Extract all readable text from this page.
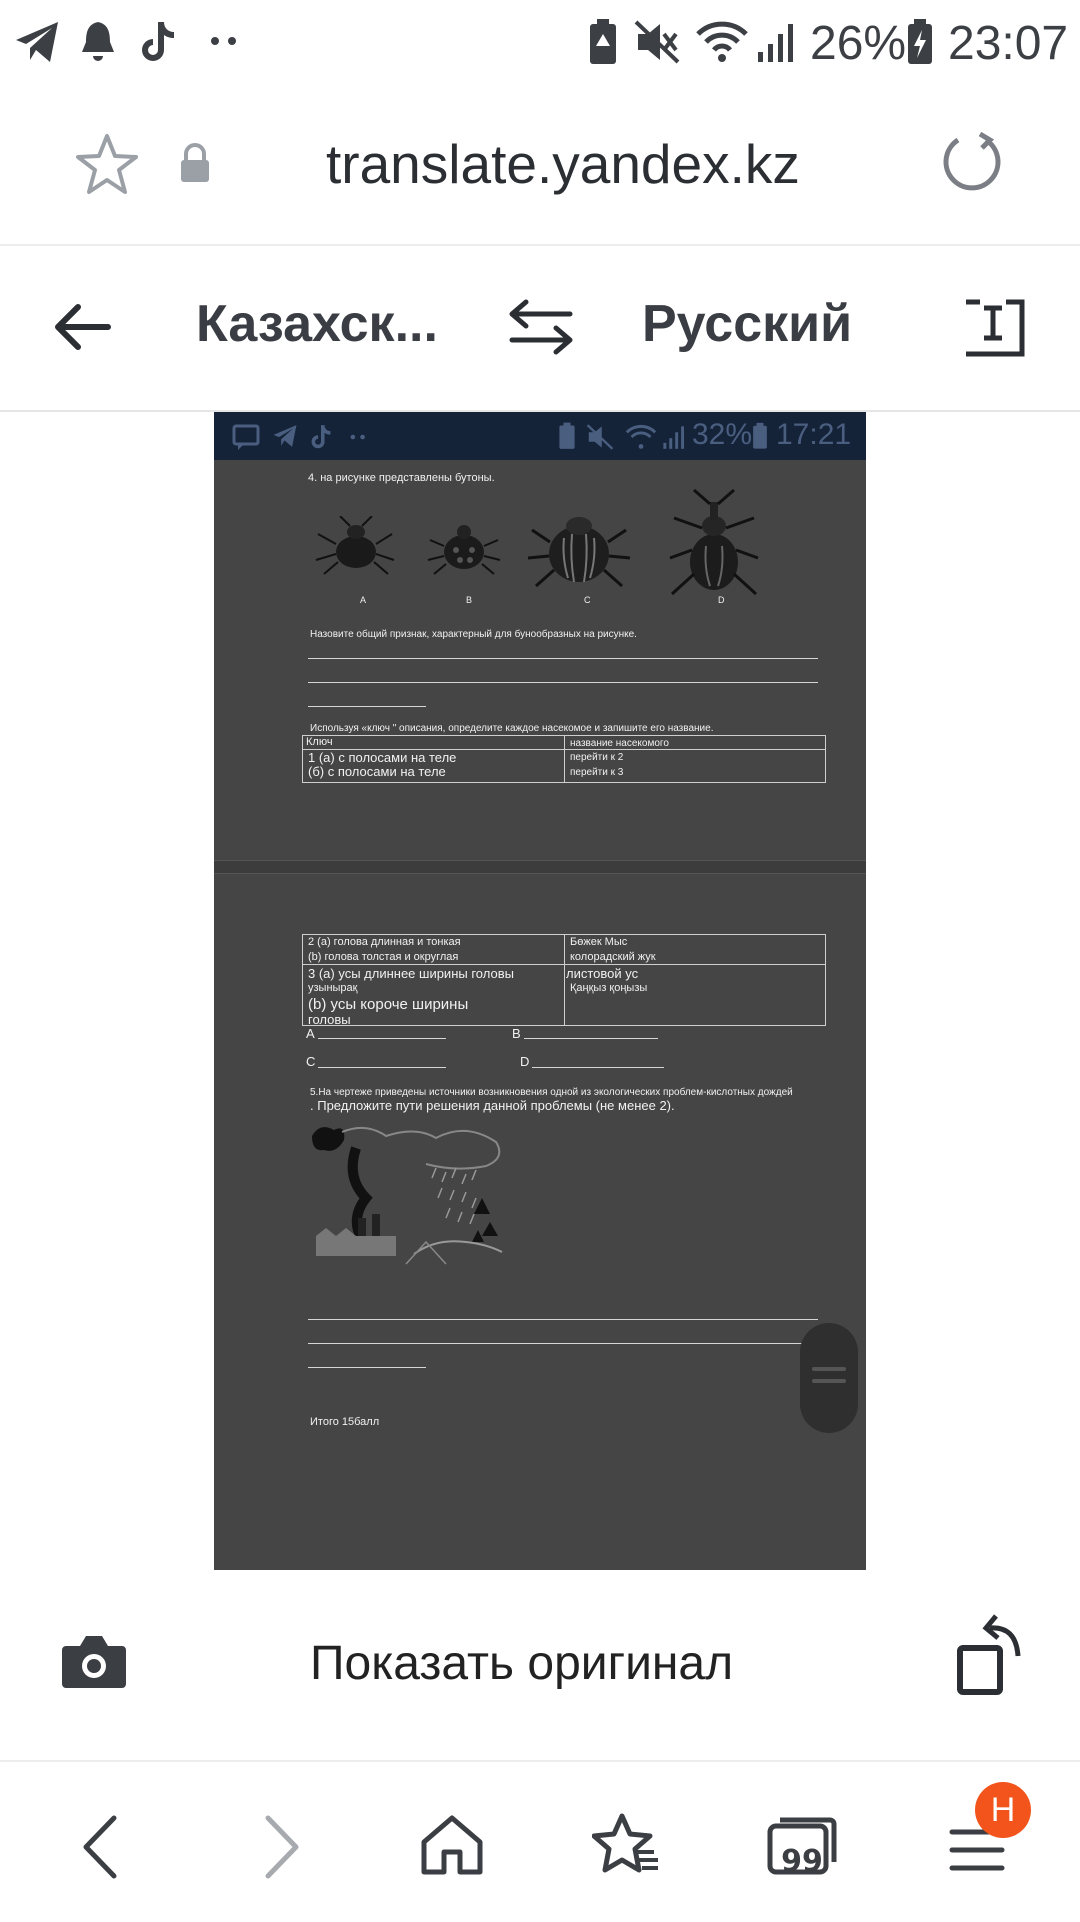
26% 23:07
translate.yandex.kz
Казахск...	Русский
32% 17:21
4. на рисунке представлены бутоны.
A	B	C	D
Назовите общий признак, характерный для бунообразных на рисунке.
Используя «ключ " описания, определите каждое насекомое и запишите его название.
Ключ	название насекомого
1 (a) с полосами на теле	перейти к 2
(б) с полосами на теле	перейти к 3
2 (а) голова длинная и тонкая	Бөжек Мыс
(b) голова толстая и округлая	колорадский жук
3 (а) усы длиннее ширины головы	листовой ус
узынырақ	Қаңқыз қоңызы
(b) усы короче ширины
головы
A	B
C	D
5.На чертеже приведены источники возникновения одной из экологических проблем-кислотных дождей
. Предложите пути решения данной проблемы (не менее 2).
Итого 15балл
Показать оригинал
99
Н
